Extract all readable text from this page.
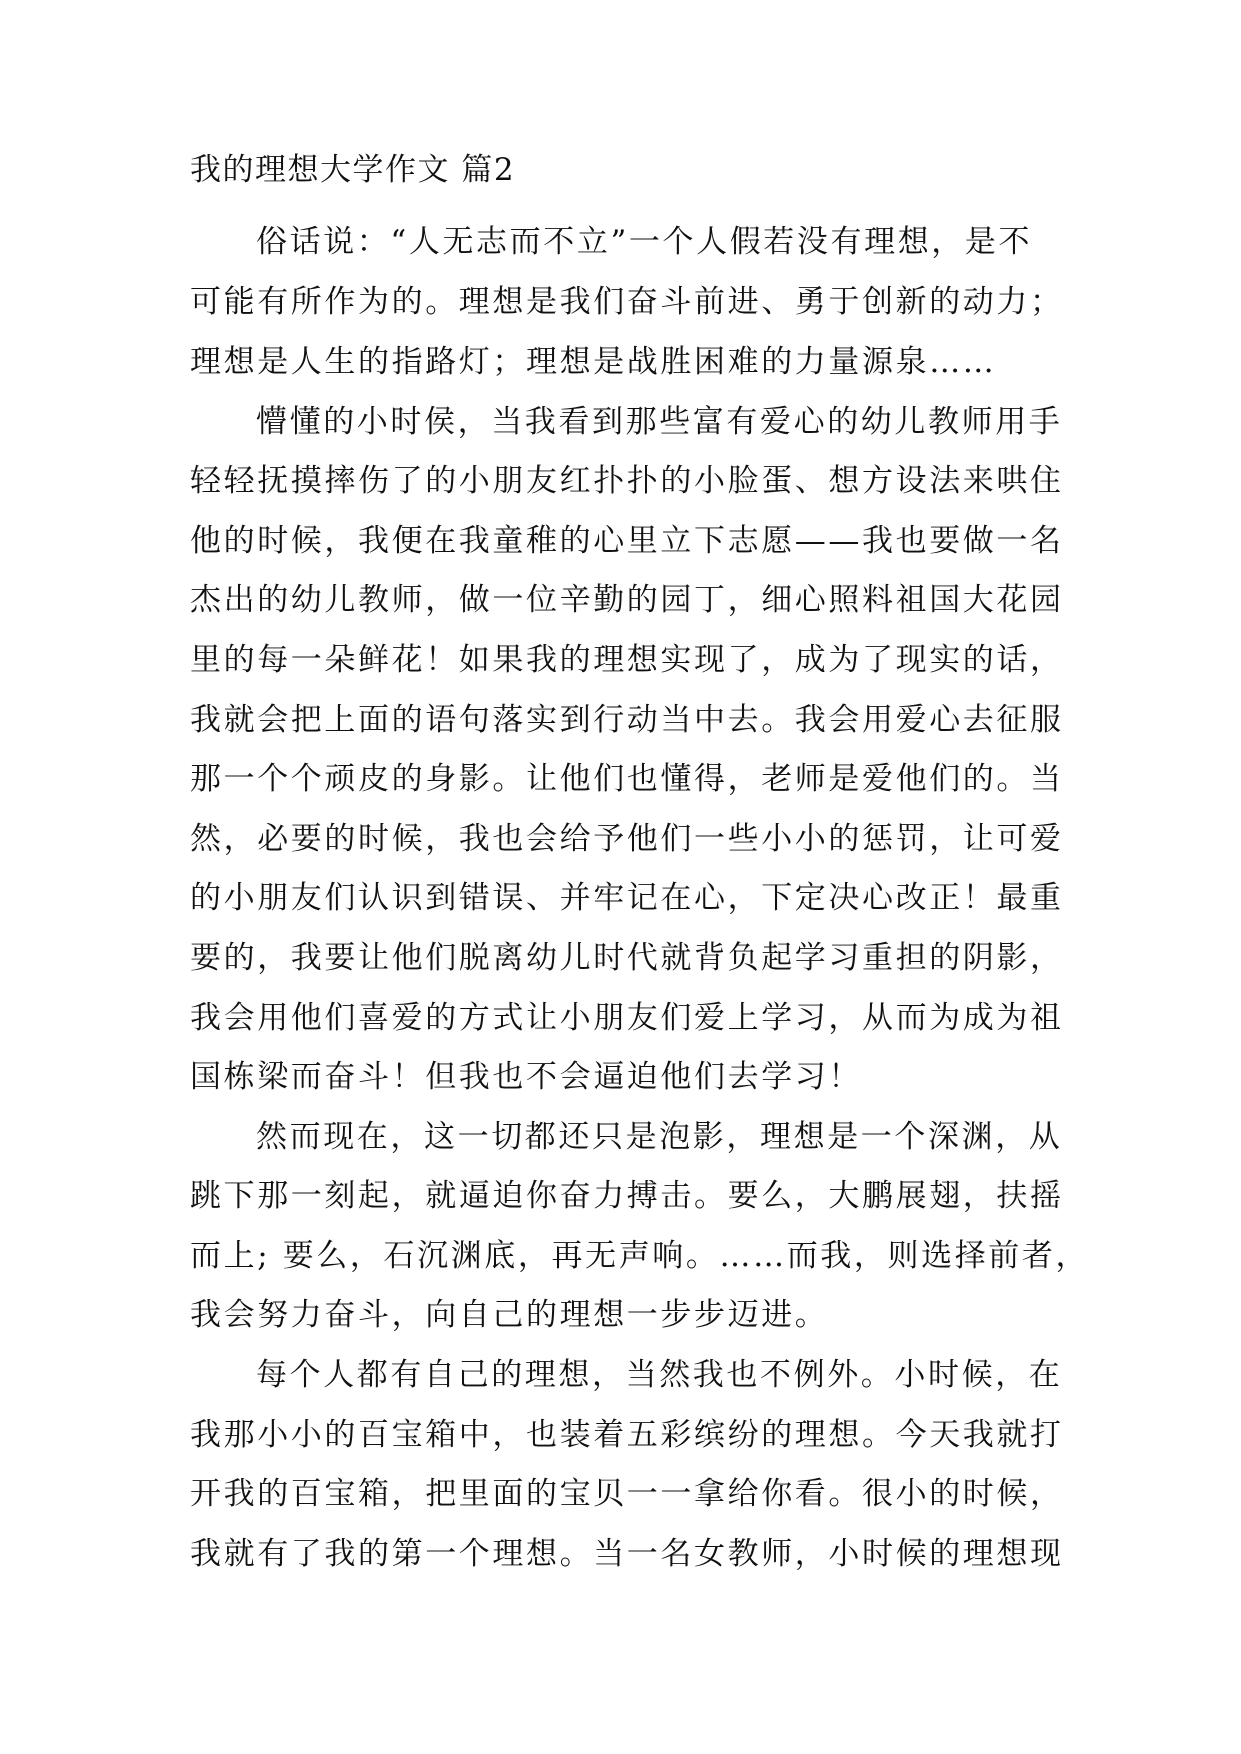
我的理想大学作文 篇2
俗话说：“人无志而不立”一个人假若没有理想，是不
可能有所作为的。理想是我们奋斗前进、勇于创新的动力；
理想是人生的指路灯；理想是战胜困难的力量源泉……
懵懂的小时侯，当我看到那些富有爱心的幼儿教师用手
轻轻抚摸摔伤了的小朋友红扑扑的小脸蛋、想方设法来哄住
他的时候，我便在我童稚的心里立下志愿——我也要做一名
杰出的幼儿教师，做一位辛勤的园丁，细心照料祖国大花园
里的每一朵鲜花！如果我的理想实现了，成为了现实的话，
我就会把上面的语句落实到行动当中去。我会用爱心去征服
那一个个顽皮的身影。让他们也懂得，老师是爱他们的。当
然，必要的时候，我也会给予他们一些小小的惩罚，让可爱
的小朋友们认识到错误、并牢记在心，下定决心改正！最重
要的，我要让他们脱离幼儿时代就背负起学习重担的阴影，
我会用他们喜爱的方式让小朋友们爱上学习，从而为成为祖
国栋梁而奋斗！但我也不会逼迫他们去学习！
然而现在，这一切都还只是泡影，理想是一个深渊，从
跳下那一刻起，就逼迫你奋力搏击。要么，大鹏展翅，扶摇
而上; 要么，石沉渊底，再无声响。……而我，则选择前者，
我会努力奋斗，向自己的理想一步步迈进。
每个人都有自己的理想，当然我也不例外。小时候，在
我那小小的百宝箱中，也装着五彩缤纷的理想。今天我就打
开我的百宝箱，把里面的宝贝一一拿给你看。很小的时候，
我就有了我的第一个理想。当一名女教师，小时候的理想现
